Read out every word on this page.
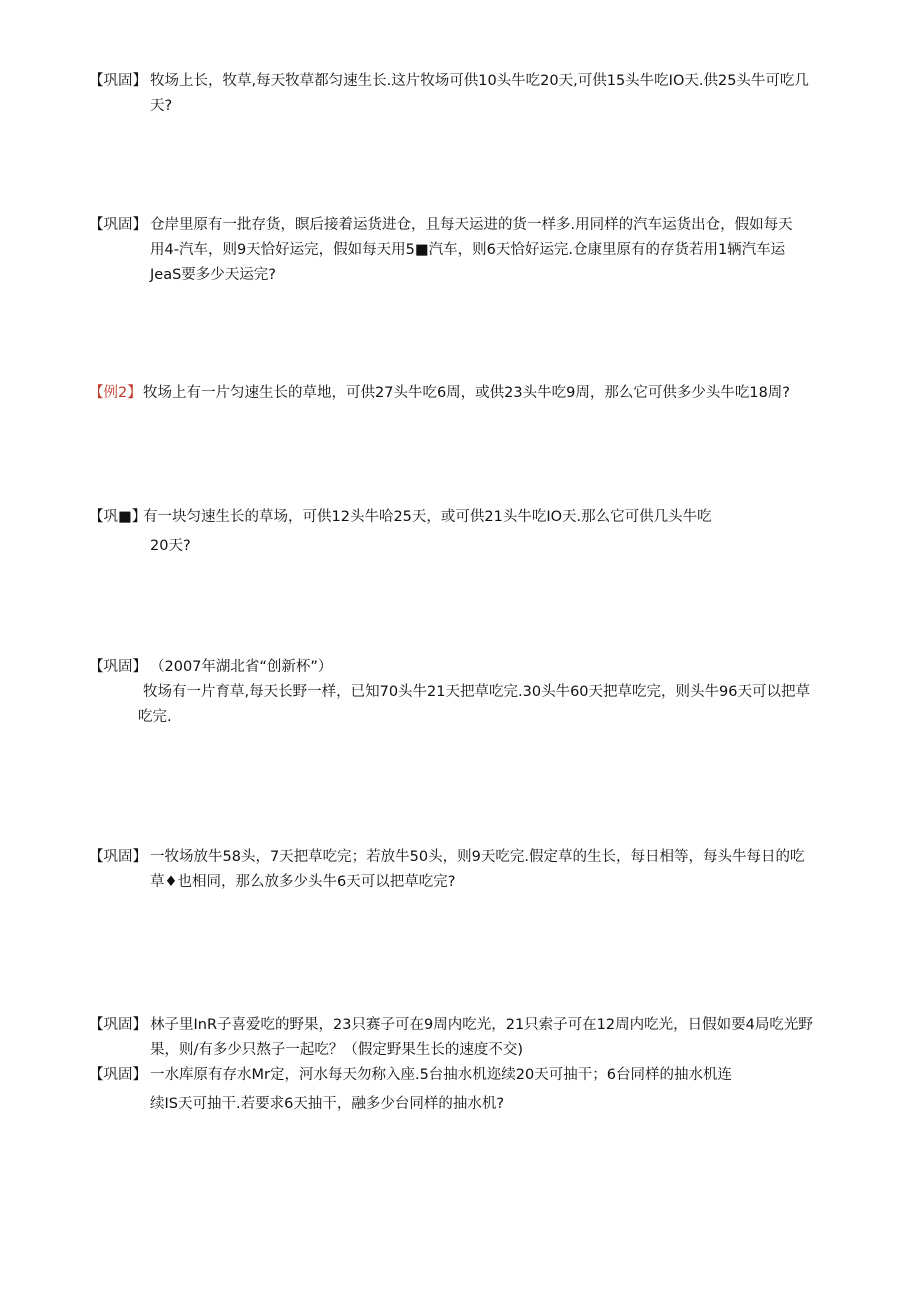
【巩固】 牧场上长，牧草,每天牧草都匀速生长.这片牧场可供10头牛吃20天,可供15头牛吃IO天.供25头牛可吃几
天?
【巩固】 仓岸里原有一批存货，瞑后接着运货进仓，且每天运进的货一样多.用同样的汽车运货出仓，假如每天
用4-汽车，则9天恰好运完，假如每天用5■汽车，则6天恰好运完.仓康里原有的存货若用1辆汽车运
JeaS要多少天运完?
【例2】 牧场上有一片匀速生长的草地，可供27头牛吃6周，或供23头牛吃9周，那么它可供多少头牛吃18周?
【巩■】
有一块匀速生长的草场，可供12头牛哈25天，或可供21头牛吃IO天.那么它可供几头牛吃
20天?
【巩固】 （2007年湖北省“创新杯”）
牧场有一片育草,每天长野一样，已知70头牛21天把草吃完.30头牛60天把草吃完，则头牛96天可以把草
吃完.
【巩固】 一牧场放牛58头，7天把草吃完；若放牛50头，则9天吃完.假定草的生长，每日相等，每头牛每日的吃
草♦也相同，那么放多少头牛6天可以把草吃完?
【巩固】 林子里InR子喜爱吃的野果，23只赛子可在9周内吃光，21只索子可在12周内吃光，日假如要4局吃光野
果，则/有多少只熬子一起吃？（假定野果生长的速度不交)
【巩固】 一水库原有存水Mr定，河水每天勿称入座.5台抽水机迩续20天可抽干；6台同样的抽水机连
续IS天可抽干.若要求6天抽干，融多少台同样的抽水机?
